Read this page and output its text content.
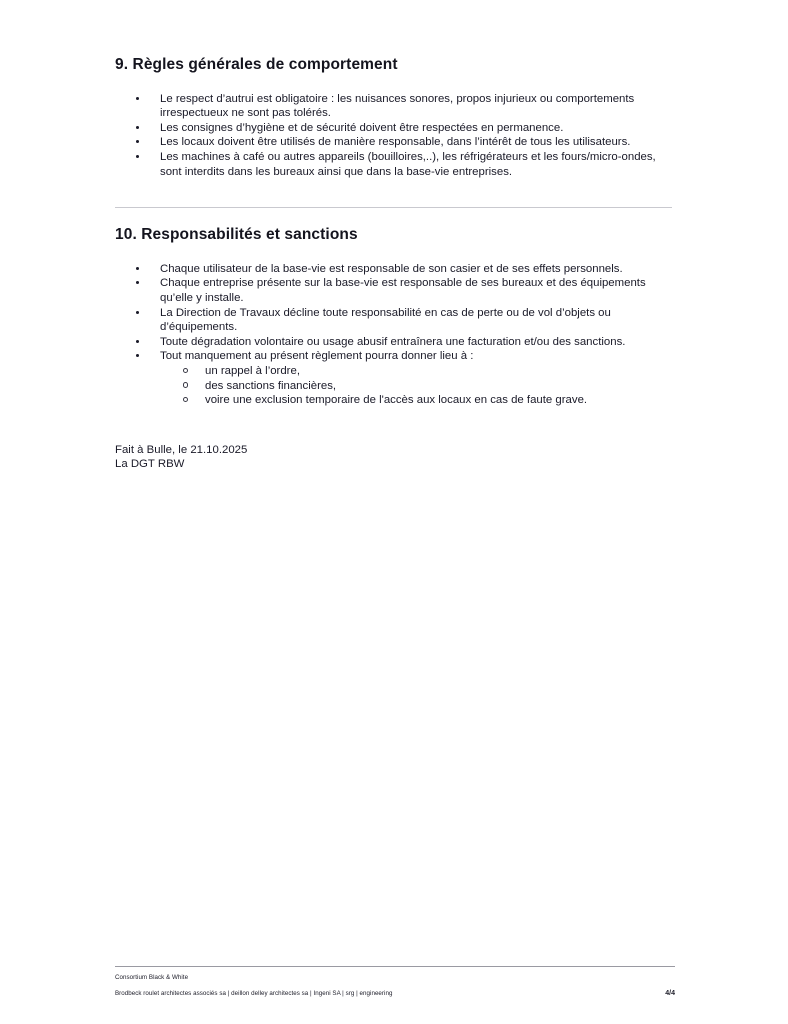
9. Règles générales de comportement
Le respect d’autrui est obligatoire : les nuisances sonores, propos injurieux ou comportements irrespectueux ne sont pas tolérés.
Les consignes d’hygiène et de sécurité doivent être respectées en permanence.
Les locaux doivent être utilisés de manière responsable, dans l’intérêt de tous les utilisateurs.
Les machines à café ou autres appareils (bouilloires,..), les réfrigérateurs et les fours/micro-ondes, sont interdits dans les bureaux ainsi que dans la base-vie entreprises.
10. Responsabilités et sanctions
Chaque utilisateur de la base-vie est responsable de son casier et de ses effets personnels.
Chaque entreprise présente sur la base-vie est responsable de ses bureaux et des équipements qu’elle y installe.
La Direction de Travaux décline toute responsabilité en cas de perte ou de vol d’objets ou d’équipements.
Toute dégradation volontaire ou usage abusif entraînera une facturation et/ou des sanctions.
Tout manquement au présent règlement pourra donner lieu à :
un rappel à l’ordre,
des sanctions financières,
voire une exclusion temporaire de l'accès aux locaux en cas de faute grave.
Fait à Bulle, le 21.10.2025
La DGT RBW
Consortium Black & White
Brodbeck roulet architectes associés sa | deillon delley architectes sa | Ingeni SA | srg | engineering	4/4
